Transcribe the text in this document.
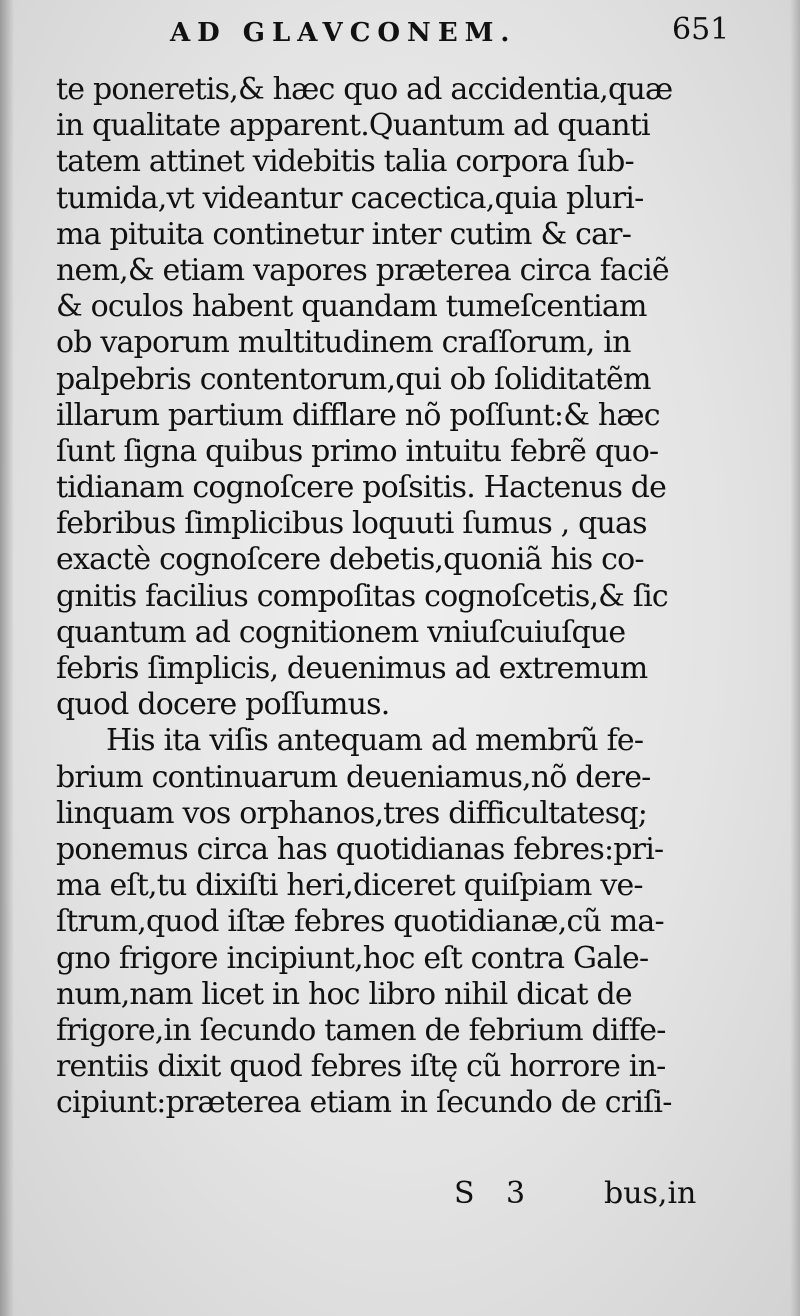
AD GLAVCONEM.	651
te poneretis,& hæc quo ad accidentia,quæ
in qualitate apparent.Quantum ad quanti
tatem attinet videbitis talia corpora ſub-
tumida,vt videantur cacectica,quia pluri-
ma pituita continetur inter cutim & car-
nem,& etiam vapores præterea circa faciẽ
& oculos habent quandam tumeſcentiam
ob vaporum multitudinem craſſorum, in
palpebris contentorum,qui ob ſoliditatẽm
illarum partium difflare nõ poſſunt:& hæc
ſunt ſigna quibus primo intuitu febrẽ quo-
tidianam cognoſcere poſsitis. Hactenus de
febribus ſimplicibus loquuti ſumus , quas
exactè cognoſcere debetis,quoniã his co-
gnitis facilius compoſitas cognoſcetis,& ſic
quantum ad cognitionem vniuſcuiuſque
febris ſimplicis, deuenimus ad extremum
quod docere poſſumus.
His ita viſis antequam ad membrũ fe-
brium continuarum deueniamus,nõ dere-
linquam vos orphanos,tres difficultatesq;
ponemus circa has quotidianas febres:pri-
ma eſt,tu dixiſti heri,diceret quiſpiam ve-
ſtrum,quod iſtæ febres quotidianæ,cũ ma-
gno frigore incipiunt,hoc eſt contra Gale-
num,nam licet in hoc libro nihil dicat de
frigore,in ſecundo tamen de febrium diffe-
rentiis dixit quod febres iſtę cũ horrore in-
cipiunt:præterea etiam in ſecundo de criſi-
S 3	bus,in
